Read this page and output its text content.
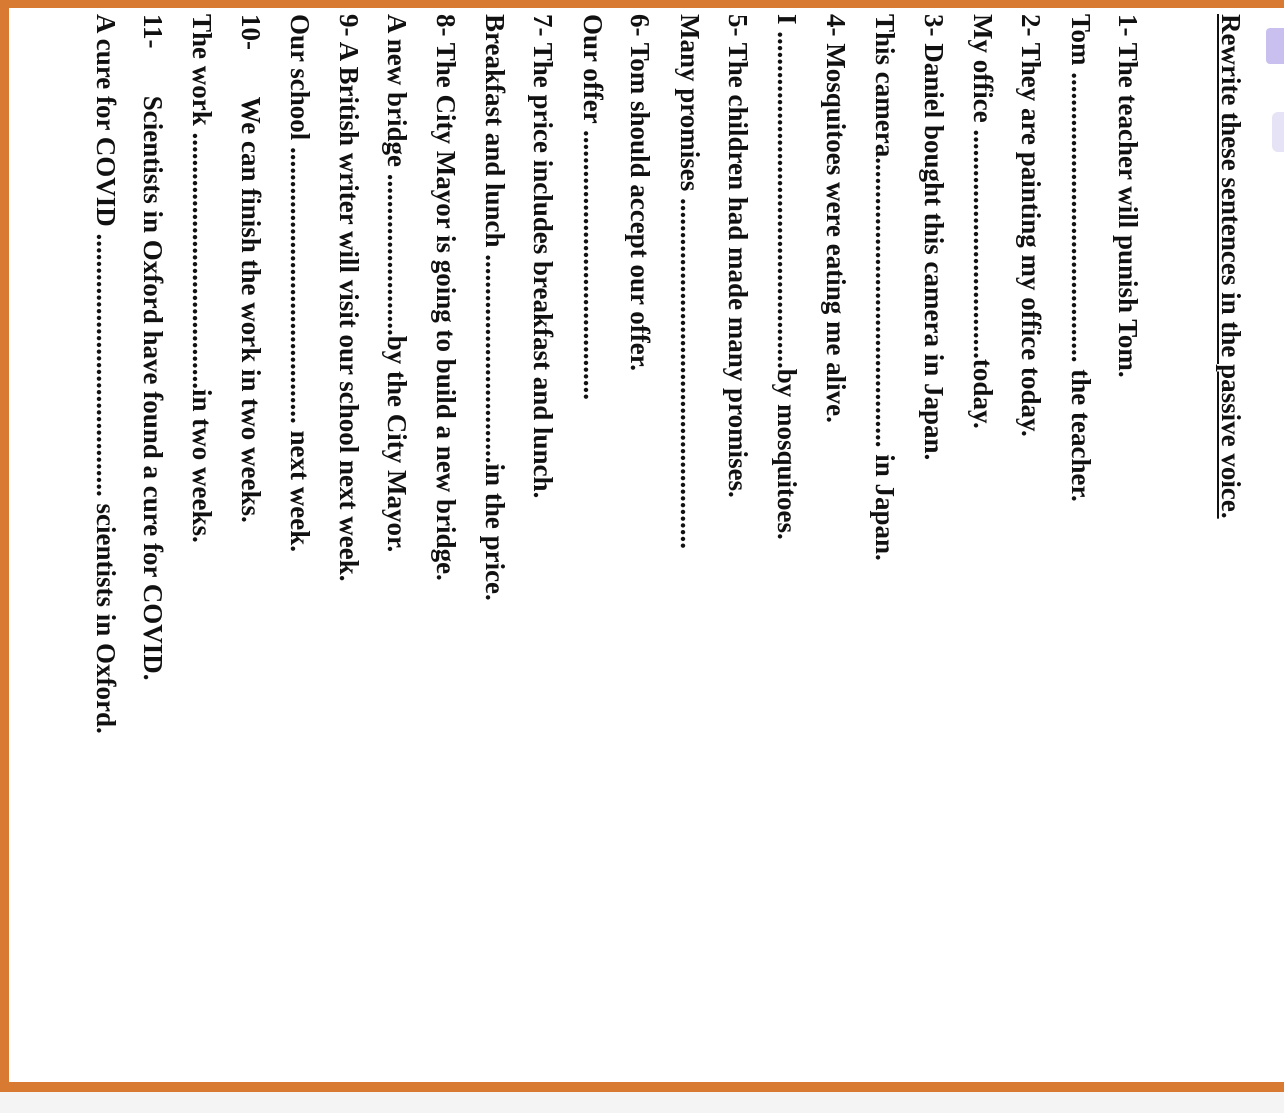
Rewrite these sentences in the passive voice.
1- The teacher will punish Tom.
Tom ........................................... the teacher.
2- They are painting my office today.
My office ..................................today.
3- Daniel bought this camera in Japan.
This camera........................................... in Japan.
4- Mosquitoes were eating me alive.
I ..................................................by mosquitoes.
5- The children had made many promises.
Many promises ....................................................
6- Tom should accept our offer.
Our offer ........................................
7- The price includes breakfast and lunch.
Breakfast and lunch ...............................in the price.
8- The City Mayor is going to build a new bridge.
A new bridge ........................by the City Mayor.
9- A British writer will visit our school next week.
Our school ......................................... next week.
10-       We can finish the work in two weeks.
The work ......................................in two weeks.
11-       Scientists in Oxford have found a cure for COVID.
A cure for COVID ....................................... scientists in Oxford.
